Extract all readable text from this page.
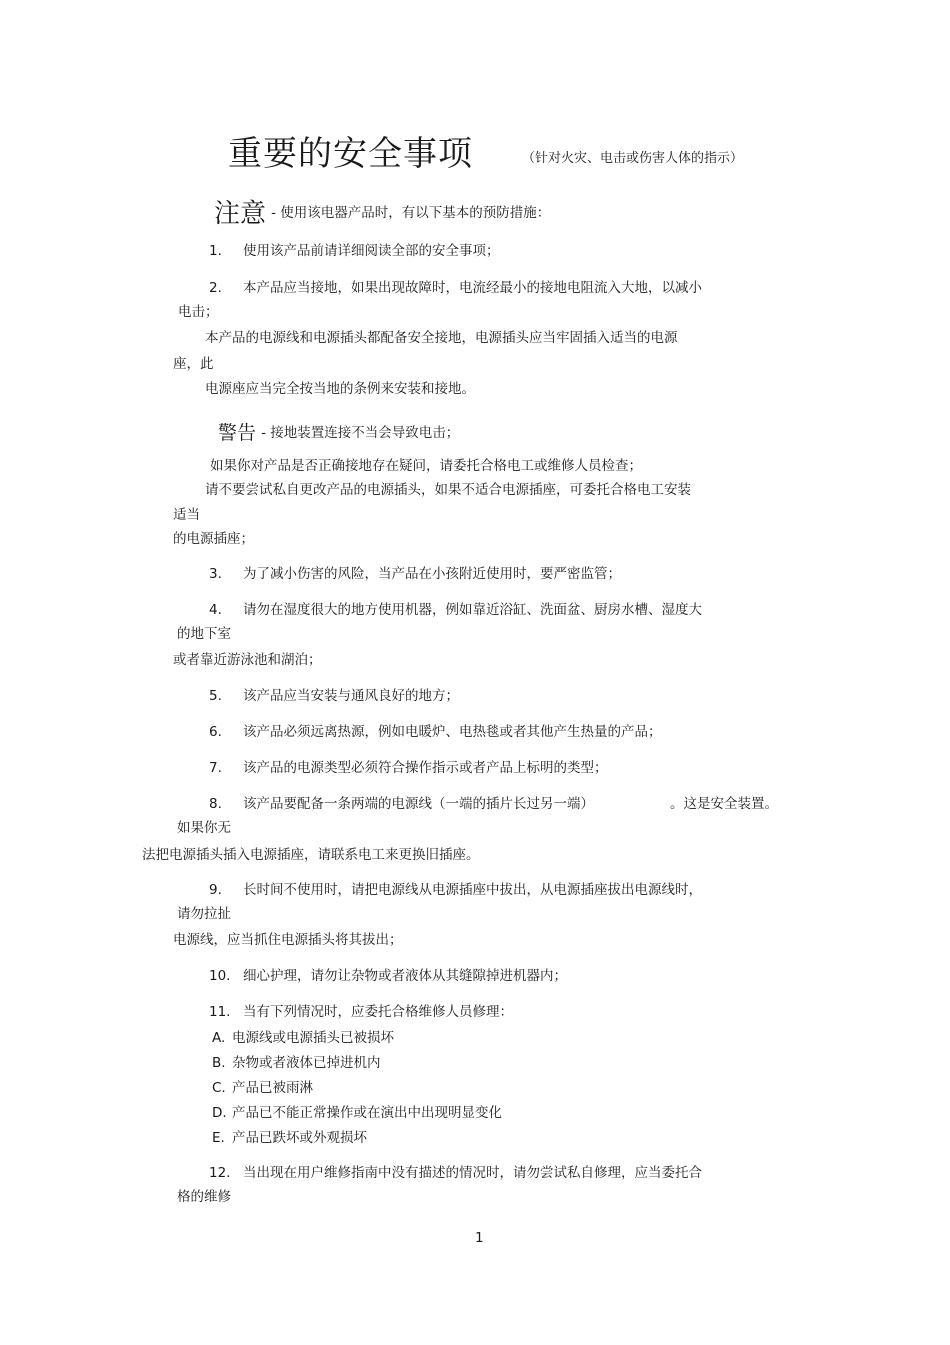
重要的安全事项	（针对火灾、电击或伤害人体的指示）
注意 $^{- 使用该电器产品时,有以下基本的预防措施:}$
1. 使用该产品前请详细阅读全部的安全事项；
2. 本产品应当接地，如果出现故障时，电流经最小的接地电阻流入大地，以减小
电击；
本产品的电源线和电源插头都配备安全接地，电源插头应当牢固插入适当的电源
座，此
电源座应当完全按当地的条例来安装和接地。
警告 - 接地装置连接不当会导致电击；
如果你对产品是否正确接地存在疑问，请委托合格电工或维修人员检查；
请不要尝试私自更改产品的电源插头，如果不适合电源插座，可委托合格电工安装
适当
的电源插座；
3. 为了减小伤害的风险，当产品在小孩附近使用时，要严密监管；
4. 请勿在湿度很大的地方使用机器，例如靠近浴缸、洗面盆、厨房水槽、湿度大
的地下室
或者靠近游泳池和湖泊；
5. 该产品应当安装与通风良好的地方；
6. 该产品必须远离热源，例如电暖炉、电热毯或者其他产生热量的产品；
7. 该产品的电源类型必须符合操作指示或者产品上标明的类型；
8. 该产品要配备一条两端的电源线（一端的插片长过另一端）	。这是安全装置。
如果你无
法把电源插头插入电源插座，请联系电工来更换旧插座。
9. 长时间不使用时，请把电源线从电源插座中拔出，从电源插座拔出电源线时，
请勿拉扯
电源线，应当抓住电源插头将其拔出；
10. 细心护理，请勿让杂物或者液体从其缝隙掉进机器内；
11. 当有下列情况时，应委托合格维修人员修理：
A. 电源线或电源插头已被损坏
B. 杂物或者液体已掉进机内
C. 产品已被雨淋
D. 产品已不能正常操作或在演出中出现明显变化
E. 产品已跌坏或外观损坏
12. 当出现在用户维修指南中没有描述的情况时，请勿尝试私自修理，应当委托合
格的维修
1
